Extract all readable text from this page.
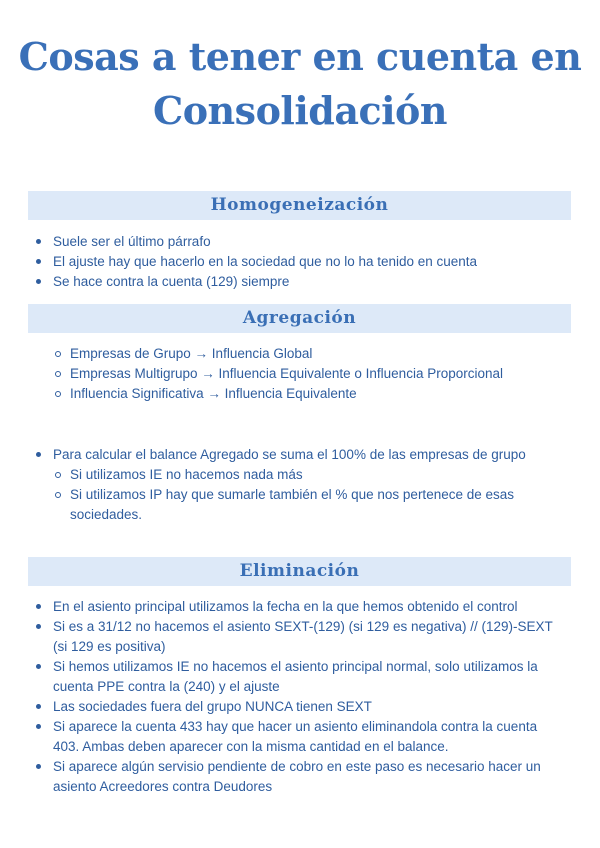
Cosas a tener en cuenta en
Consolidación
Homogeneización
Suele ser el último párrafo
El ajuste hay que hacerlo en la sociedad que no lo ha tenido en cuenta
Se hace contra la cuenta (129) siempre
Agregación
Empresas de Grupo → Influencia Global
Empresas Multigrupo → Influencia Equivalente o Influencia Proporcional
Influencia Significativa → Influencia Equivalente
Para calcular el balance Agregado se suma el 100% de las empresas de grupo
Si utilizamos IE no hacemos nada más
Si utilizamos IP hay que sumarle también el % que nos pertenece de esas sociedades.
Eliminación
En el asiento principal utilizamos la fecha en la que hemos obtenido el control
Si es a 31/12 no hacemos el asiento SEXT-(129) (si 129 es negativa) // (129)-SEXT (si 129 es positiva)
Si hemos utilizamos IE no hacemos el asiento principal normal, solo utilizamos la cuenta PPE contra la (240) y el ajuste
Las sociedades fuera del grupo NUNCA tienen SEXT
Si aparece la cuenta 433 hay que hacer un asiento eliminandola contra la cuenta 403. Ambas deben aparecer con la misma cantidad en el balance.
Si aparece algún servisio pendiente de cobro en este paso es necesario hacer un asiento Acreedores contra Deudores
